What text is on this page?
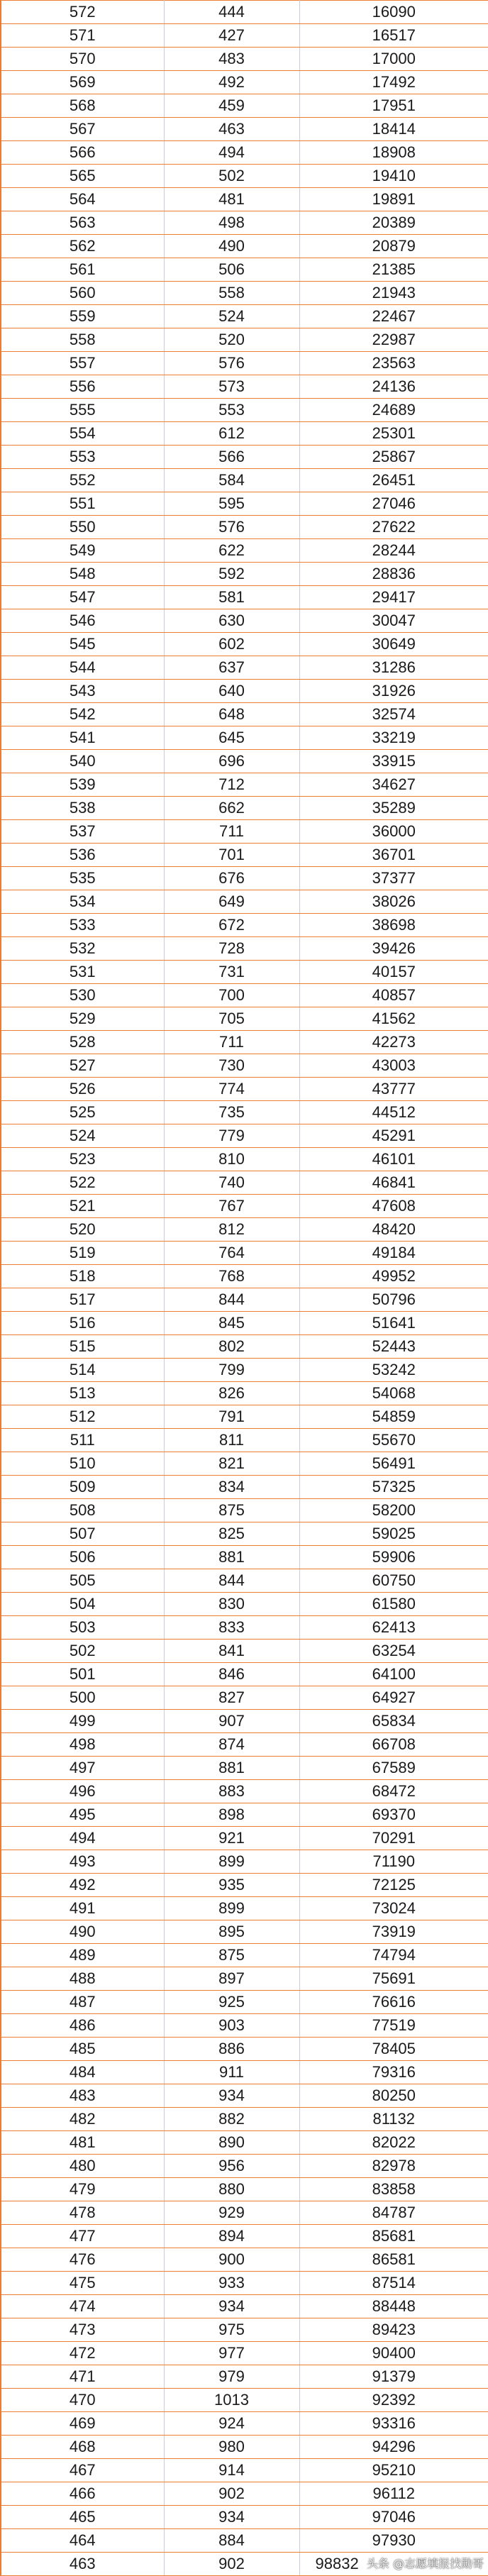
572	444	16090
571	427	16517
570	483	17000
569	492	17492
568	459	17951
567	463	18414
566	494	18908
565	502	19410
564	481	19891
563	498	20389
562	490	20879
561	506	21385
560	558	21943
559	524	22467
558	520	22987
557	576	23563
556	573	24136
555	553	24689
554	612	25301
553	566	25867
552	584	26451
551	595	27046
550	576	27622
549	622	28244
548	592	28836
547	581	29417
546	630	30047
545	602	30649
544	637	31286
543	640	31926
542	648	32574
541	645	33219
540	696	33915
539	712	34627
538	662	35289
537	711	36000
536	701	36701
535	676	37377
534	649	38026
533	672	38698
532	728	39426
531	731	40157
530	700	40857
529	705	41562
528	711	42273
527	730	43003
526	774	43777
525	735	44512
524	779	45291
523	810	46101
522	740	46841
521	767	47608
520	812	48420
519	764	49184
518	768	49952
517	844	50796
516	845	51641
515	802	52443
514	799	53242
513	826	54068
512	791	54859
511	811	55670
510	821	56491
509	834	57325
508	875	58200
507	825	59025
506	881	59906
505	844	60750
504	830	61580
503	833	62413
502	841	63254
501	846	64100
500	827	64927
499	907	65834
498	874	66708
497	881	67589
496	883	68472
495	898	69370
494	921	70291
493	899	71190
492	935	72125
491	899	73024
490	895	73919
489	875	74794
488	897	75691
487	925	76616
486	903	77519
485	886	78405
484	911	79316
483	934	80250
482	882	81132
481	890	82022
480	956	82978
479	880	83858
478	929	84787
477	894	85681
476	900	86581
475	933	87514
474	934	88448
473	975	89423
472	977	90400
471	979	91379
470	1013	92392
469	924	93316
468	980	94296
467	914	95210
466	902	96112
465	934	97046
464	884	97930
463	902	98832 头条 @志愿填报找勋哥
